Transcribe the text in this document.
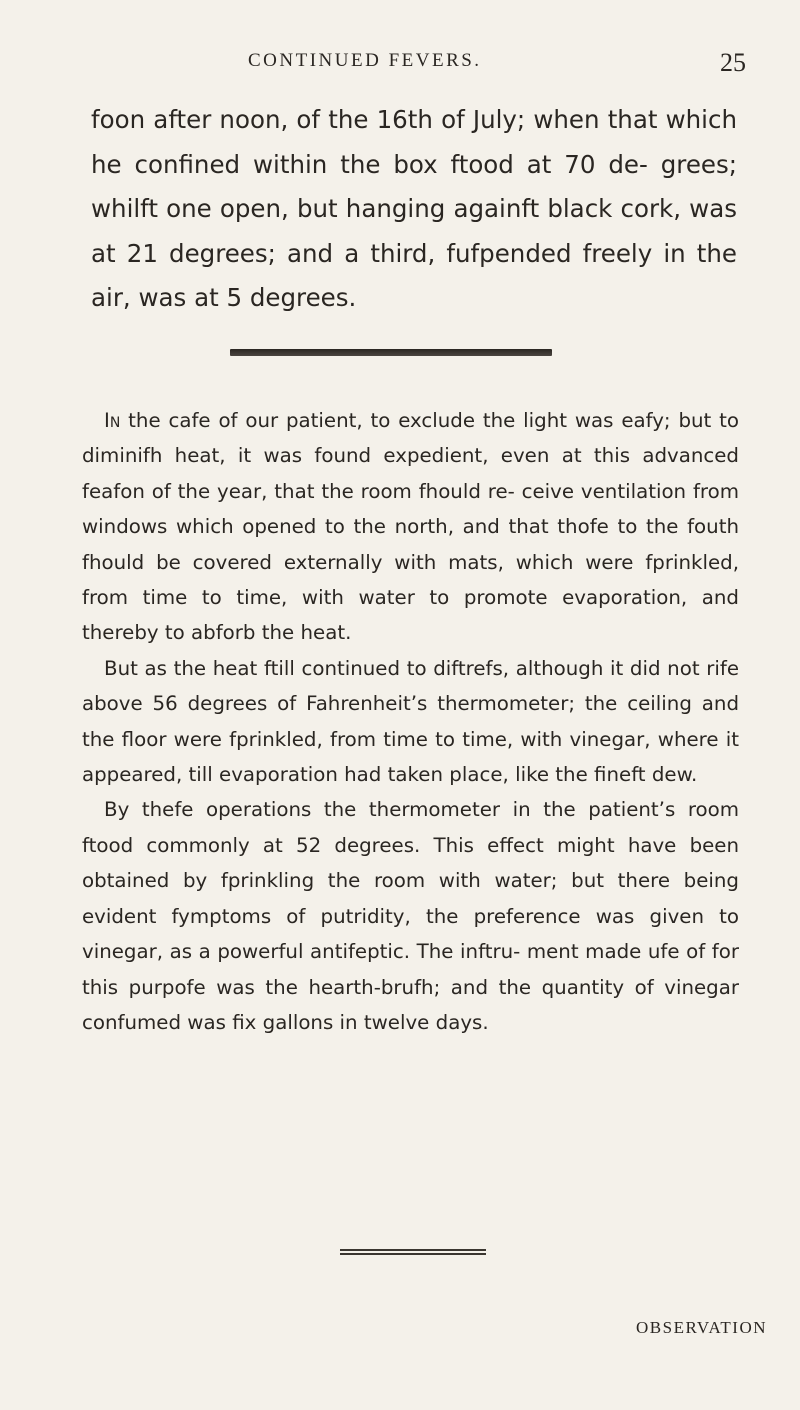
CONTINUED FEVERS.	25

foon after noon, of the 16th of July; when that which he confined within the box ftood at 70 de- grees; whilft one open, but hanging againft black cork, was at 21 degrees; and a third, fufpended freely in the air, was at 5 degrees.

In the cafe of our patient, to exclude the light was eafy; but to diminifh heat, it was found expedient, even at this advanced feafon of the year, that the room fhould re- ceive ventilation from windows which opened to the north, and that thofe to the fouth fhould be covered externally with mats, which were fprinkled, from time to time, with water to promote evaporation, and thereby to abforb the heat.

But as the heat ftill continued to diftrefs, although it did not rife above 56 degrees of Fahrenheit’s thermometer; the ceiling and the floor were fprinkled, from time to time, with vinegar, where it appeared, till evaporation had taken place, like the fineft dew.

By thefe operations the thermometer in the patient’s room ftood commonly at 52 degrees. This effect might have been obtained by fprinkling the room with water; but there being evident fymptoms of putridity, the preference was given to vinegar, as a powerful antifeptic. The inftru- ment made ufe of for this purpofe was the hearth-brufh; and the quantity of vinegar confumed was fix gallons in twelve days.

OBSERVATION
